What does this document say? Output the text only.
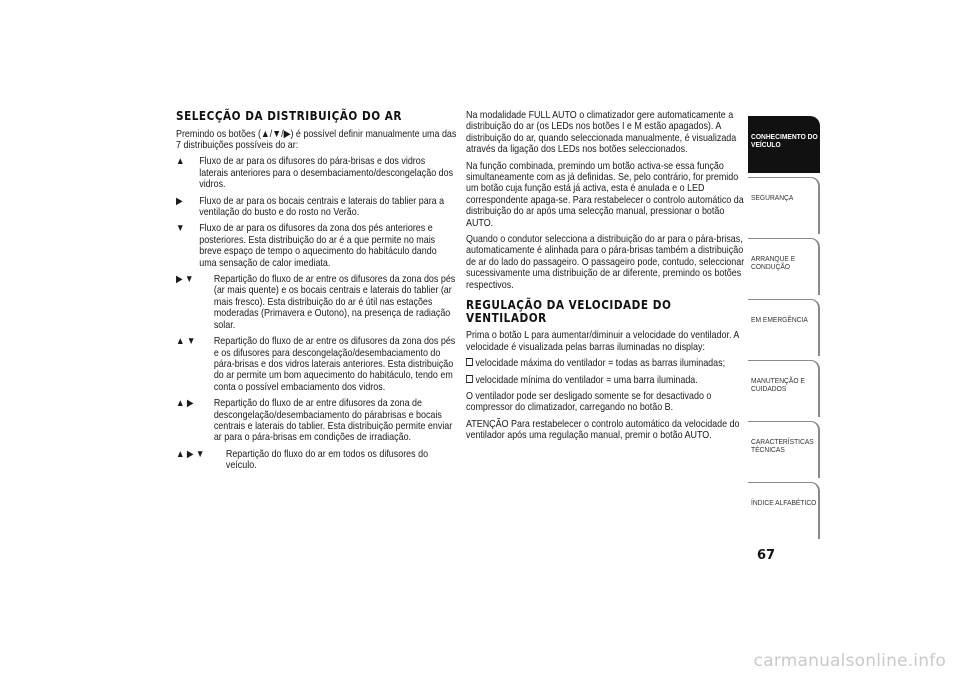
SELECÇÃO DA DISTRIBUIÇÃO DO AR

Premindo os botões (▲/▼/▶) é possível definir manualmente uma das 7 distribuições possíveis do ar:

▲ Fluxo de ar para os difusores do pára-brisas e dos vidros laterais anteriores para o desembaciamento/descongelação dos vidros.
▶ Fluxo de ar para os bocais centrais e laterais do tablier para a ventilação do busto e do rosto no Verão.
▼ Fluxo de ar para os difusores da zona dos pés anteriores e posteriores. Esta distribuição do ar é a que permite no mais breve espaço de tempo o aquecimento do habitáculo dando uma sensação de calor imediata.
▶ ▼ Repartição do fluxo de ar entre os difusores da zona dos pés (ar mais quente) e os bocais centrais e laterais do tablier (ar mais fresco). Esta distribuição do ar é útil nas estações moderadas (Primavera e Outono), na presença de radiação solar.
▲ ▼ Repartição do fluxo de ar entre os difusores da zona dos pés e os difusores para descongelação/desembaciamento do pára-brisas e dos vidros laterais anteriores. Esta distribuição do ar permite um bom aquecimento do habitáculo, tendo em conta o possível embaciamento dos vidros.
▲ ▶ Repartição do fluxo de ar entre difusores da zona de descongelação/desembaciamento do párabrisas e bocais centrais e laterais do tablier. Esta distribuição permite enviar ar para o pára-brisas em condições de irradiação.
▲ ▶ ▼ Repartição do fluxo do ar em todos os difusores do veículo.

Na modalidade FULL AUTO o climatizador gere automaticamente a distribuição do ar (os LEDs nos botões I e M estão apagados). A distribuição do ar, quando seleccionada manualmente, é visualizada através da ligação dos LEDs nos botões seleccionados.

Na função combinada, premindo um botão activa-se essa função simultaneamente com as já definidas. Se, pelo contrário, for premido um botão cuja função está já activa, esta é anulada e o LED correspondente apaga-se. Para restabelecer o controlo automático da distribuição do ar após uma selecção manual, pressionar o botão AUTO.

Quando o condutor selecciona a distribuição do ar para o pára-brisas, automaticamente é alinhada para o pára-brisas também a distribuição de ar do lado do passageiro. O passageiro pode, contudo, seleccionar sucessivamente uma distribuição de ar diferente, premindo os botões respectivos.

REGULAÇÃO DA VELOCIDADE DO VENTILADOR

Prima o botão L para aumentar/diminuir a velocidade do ventilador. A velocidade é visualizada pelas barras iluminadas no display:

velocidade máxima do ventilador = todas as barras iluminadas;

velocidade mínima do ventilador = uma barra iluminada.

O ventilador pode ser desligado somente se for desactivado o compressor do climatizador, carregando no botão B.

ATENÇÃO Para restabelecer o controlo automático da velocidade do ventilador após uma regulação manual, premir o botão AUTO.

CONHECIMENTO DO VEÍCULO
SEGURANÇA
ARRANQUE E CONDUÇÃO
EM EMERGÊNCIA
MANUTENÇÃO E CUIDADOS
CARACTERÍSTICAS TÉCNICAS
ÍNDICE ALFABÉTICO
67
carmanualsonline.info
